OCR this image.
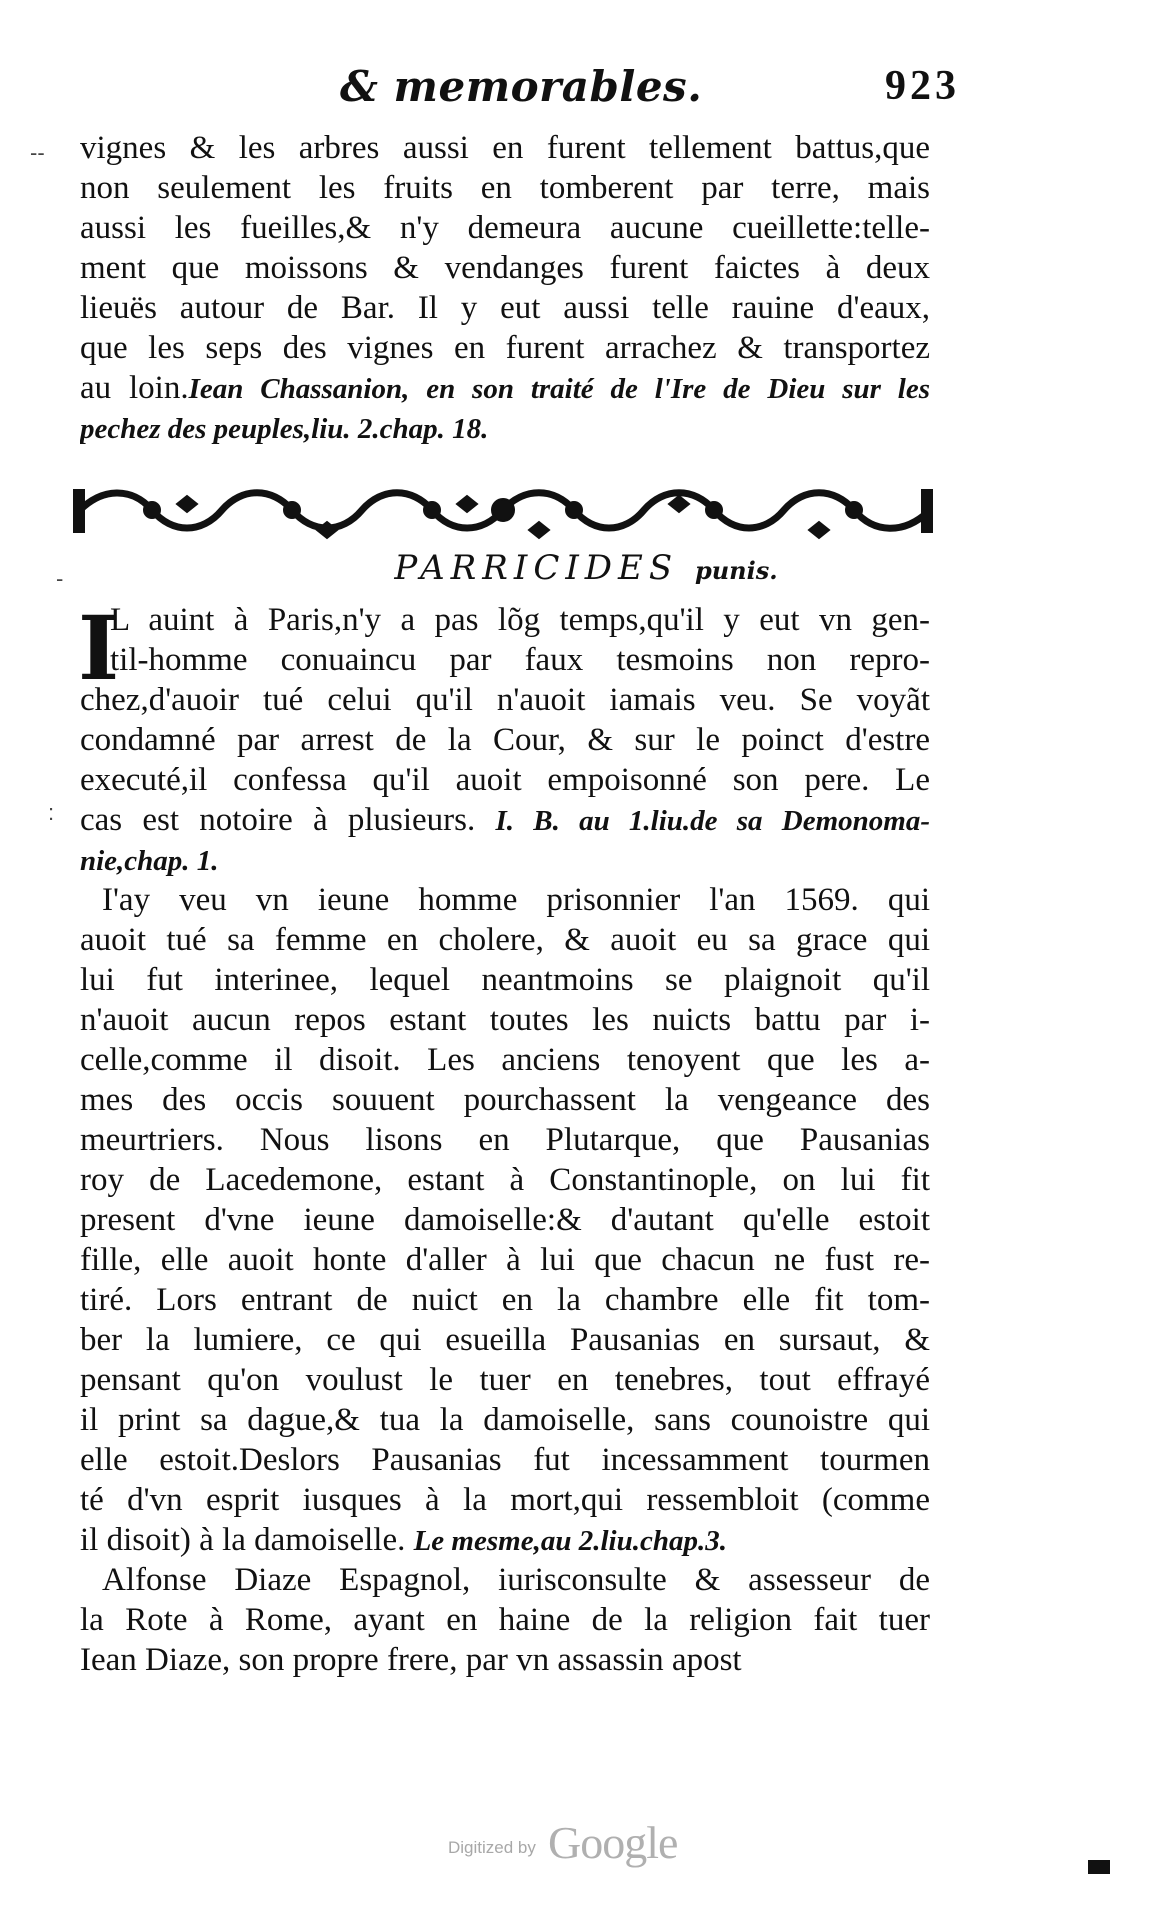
& memorables.	923
-- vignes & les arbres aussi en furent tellement battus,que
non seulement les fruits en tomberent par terre, mais
aussi les fueilles,& n'y demeura aucune cueillette:telle-
ment que moissons & vendanges furent faictes à deux
lieuës autour de Bar. Il y eut aussi telle rauine d'eaux,
que les seps des vignes en furent arrachez & transportez
au loin.Iean Chassanion, en son traité de l'Ire de Dieu sur les
pechez des peuples,liu. 2.chap. 18.
PARRICIDES punis.
-
I
L auint à Paris,n'y a pas lõg temps,qu'il y eut vn gen-
til-homme conuaincu par faux tesmoins non repro-
chez,d'auoir tué celui qu'il n'auoit iamais veu. Se voyãt
condamné par arrest de la Cour, & sur le poinct d'estre
executé,il confessa qu'il auoit empoisonné son pere. Le
cas est notoire à plusieurs. I. B. au 1.liu.de sa Demonoma-
nie,chap. 1.
I'ay veu vn ieune homme prisonnier l'an 1569. qui
auoit tué sa femme en cholere, & auoit eu sa grace qui
lui fut interinee, lequel neantmoins se plaignoit qu'il
n'auoit aucun repos estant toutes les nuicts battu par i-
celle,comme il disoit. Les anciens tenoyent que les a-
mes des occis souuent pourchassent la vengeance des
meurtriers. Nous lisons en Plutarque, que Pausanias
roy de Lacedemone, estant à Constantinople, on lui fit
present d'vne ieune damoiselle:& d'autant qu'elle estoit
fille, elle auoit honte d'aller à lui que chacun ne fust re-
tiré. Lors entrant de nuict en la chambre elle fit tom-
ber la lumiere, ce qui esueilla Pausanias en sursaut, &
pensant qu'on voulust le tuer en tenebres, tout effrayé
il print sa dague,& tua la damoiselle, sans counoistre qui
elle estoit.Deslors Pausanias fut incessamment tourmen
té d'vn esprit iusques à la mort,qui ressembloit (comme
il disoit) à la damoiselle. Le mesme,au 2.liu.chap.3.
Alfonse Diaze Espagnol, iurisconsulte & assesseur de
la Rote à Rome, ayant en haine de la religion fait tuer
Iean Diaze, son propre frere, par vn assassin apost
:
Digitized by Google
